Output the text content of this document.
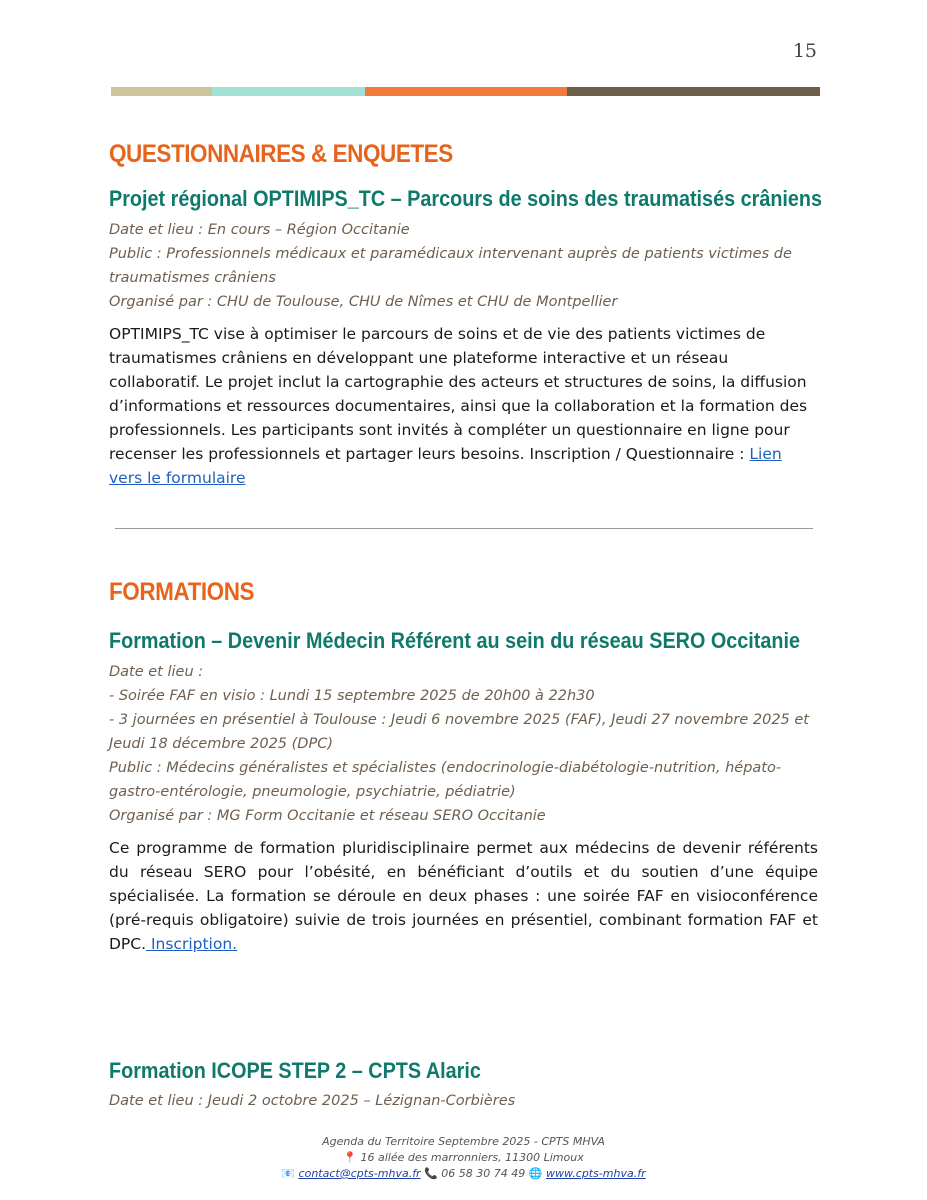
15
QUESTIONNAIRES & ENQUETES
Projet régional OPTIMIPS_TC – Parcours de soins des traumatisés crâniens

Date et lieu : En cours – Région Occitanie

Public : Professionnels médicaux et paramédicaux intervenant auprès de patients victimes de traumatismes crâniens

Organisé par : CHU de Toulouse, CHU de Nîmes et CHU de Montpellier

OPTIMIPS_TC vise à optimiser le parcours de soins et de vie des patients victimes de traumatismes crâniens en développant une plateforme interactive et un réseau collaboratif. Le projet inclut la cartographie des acteurs et structures de soins, la diffusion d’informations et ressources documentaires, ainsi que la collaboration et la formation des professionnels. Les participants sont invités à compléter un questionnaire en ligne pour recenser les professionnels et partager leurs besoins. Inscription / Questionnaire : Lien vers le formulaire

FORMATIONS
Formation – Devenir Médecin Référent au sein du réseau SERO Occitanie

Date et lieu :

- Soirée FAF en visio : Lundi 15 septembre 2025 de 20h00 à 22h30

- 3 journées en présentiel à Toulouse : Jeudi 6 novembre 2025 (FAF), Jeudi 27 novembre 2025 et Jeudi 18 décembre 2025 (DPC)

Public : Médecins généralistes et spécialistes (endocrinologie-diabétologie-nutrition, hépato-gastro-entérologie, pneumologie, psychiatrie, pédiatrie)

Organisé par : MG Form Occitanie et réseau SERO Occitanie

Ce programme de formation pluridisciplinaire permet aux médecins de devenir référents du réseau SERO pour l’obésité, en bénéficiant d’outils et du soutien d’une équipe spécialisée. La formation se déroule en deux phases : une soirée FAF en visioconférence (pré-requis obligatoire) suivie de trois journées en présentiel, combinant formation FAF et DPC. Inscription.

Formation ICOPE STEP 2 – CPTS Alaric

Date et lieu : Jeudi 2 octobre 2025 – Lézignan-Corbières

Agenda du Territoire Septembre 2025 - CPTS MHVA
📍 16 allée des marronniers, 11300 Limoux
📧 contact@cpts-mhva.fr 📞 06 58 30 74 49 🌐 www.cpts-mhva.fr
